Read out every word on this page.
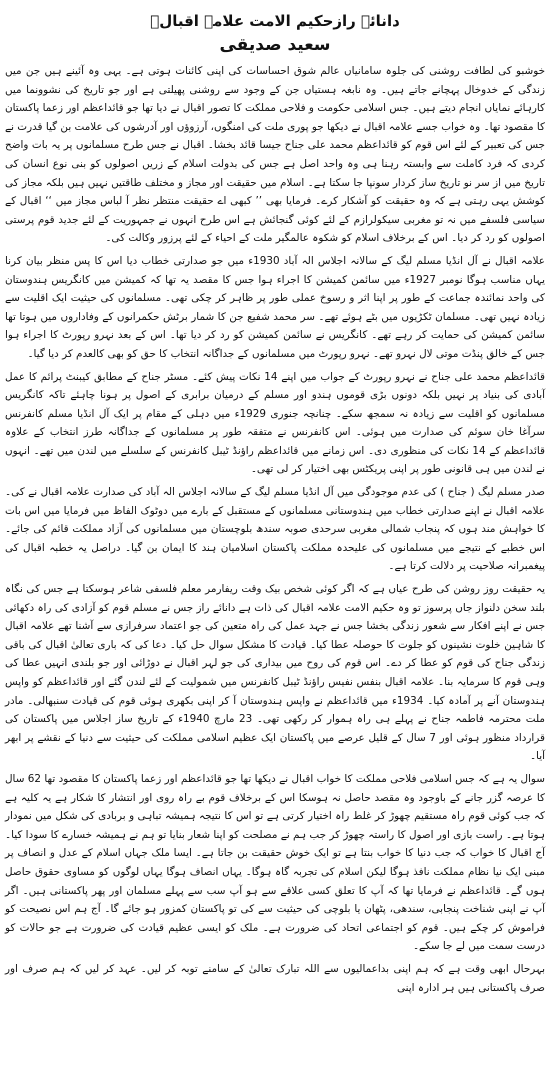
دانائے رازحکیم الامت علامہ اقبالؒ
سعید صدیقی

خوشبو کی لطافت روشنی کی جلوہ سامانیاں عالم شوق احساسات کی اپنی کائنات ہوتی ہے۔ یہی وہ آئینے ہیں جن میں زندگی کے خدوخال پہچانے جاتے ہیں۔ وہ نابغہ ہستیاں جن کے وجود سے روشنی پھیلتی ہے اور جو تاریخ کی نشوونما میں کارہائے نمایاں انجام دیتے ہیں۔ جس اسلامی حکومت و فلاحی مملکت کا تصور اقبال نے دیا تھا جو قائداعظم اور زعما پاکستان کا مقصود تھا۔ وہ خواب جسے علامہ اقبال نے دیکھا جو پوری ملت کی امنگوں، آرزوؤں اور آدرشوں کی علامت بن گیا قدرت نے جس کی تعبیر کے لئے اس قوم کو قائداعظم محمد علی جناح جیسا قائد بخشا۔ اقبال نے جس طرح مسلمانوں پر یہ بات واضح کردی کہ فرد کاملت سے وابستہ رہنا ہی وہ واحد اصل ہے جس کی بدولت اسلام کے زریں اصولوں کو بنی نوع انسان کی تاریخ میں از سر نو تاریخ ساز کردار سونپا جا سکتا ہے۔ اسلام میں حقیقت اور مجاز و مختلف طاقتیں نہیں ہیں بلکہ مجاز کی کوشش یہی رہتی ہے کہ وہ حقیقت کو آشکار کرے۔ فرمایا بھی ’’ کبھی اے حقیقت منتظر نظر آ لباس مجاز میں ‘‘ اقبال کے سیاسی فلسفے میں نہ تو مغربی سیکولرازم کے لئے کوئی گنجائش ہے اس طرح انہوں نے جمہوریت کے لئے جدید قوم پرستی اصولوں کو رد کر دیا۔ اس کے برخلاف اسلام کو شکوہ عالمگیر ملت کے احیاء کے لئے پرزور وکالت کی۔

علامہ اقبال نے آل انڈیا مسلم لیگ کے سالانہ اجلاس الہ آباد 1930ء میں جو صدارتی خطاب دیا اس کا پس منظر بیان کرنا یہاں مناسب ہوگا نومبر 1927ء میں سائمن کمیشن کا اجراء ہوا جس کا مقصد یہ تھا کہ کمیشن میں کانگریس ہندوستان کی واحد نمائندہ جماعت کے طور پر اپنا اثر و رسوخ عملی طور پر ظاہر کر چکی تھی۔ مسلمانوں کی حیثیت ایک اقلیت سے زیادہ نہیں تھی۔ مسلمان ٹکڑیوں میں بٹے ہوئے تھے۔ سر محمد شفیع جن کا شمار برٹش حکمرانوں کے وفاداروں میں ہوتا تھا سائمن کمیشن کی حمایت کر رہے تھے۔ کانگریس نے سائمن کمیشن کو رد کر دیا تھا۔ اس کے بعد نہرو رپورٹ کا اجراء ہوا جس کے خالق پنڈت موتی لال نہرو تھے۔ نہرو رپورٹ میں مسلمانوں کے جداگانہ انتخاب کا حق کو بھی کالعدم کر دیا گیا۔

قائداعظم محمد علی جناح نے نہرو رپورٹ کے جواب میں اپنے 14 نکات پیش کئے۔ مسٹر جناح کے مطابق کیبنٹ پرائم کا عمل آبادی کی بنیاد پر نہیں بلکہ دونوں بڑی قوموں ہندو اور مسلم کے درمیان برابری کے اصول پر ہونا چاہئے تاکہ کانگریس مسلمانوں کو اقلیت سے زیادہ نہ سمجھ سکے۔ چنانچہ جنوری 1929ء میں دہلی کے مقام پر ایک آل انڈیا مسلم کانفرنس سرآغا خان سوئم کی صدارت میں ہوئی۔ اس کانفرنس نے متفقہ طور پر مسلمانوں کے جداگانہ طرز انتخاب کے علاوہ قائداعظم کے 14 نکات کی منظوری دی۔ اس زمانے میں قائداعظم راؤنڈ ٹیبل کانفرنس کے سلسلے میں لندن میں تھے۔ انہوں نے لندن میں ہی قانونی طور پر اپنی پریکٹس بھی اختیار کر لی تھی۔

صدر مسلم لیگ ( جناح ) کی عدم موجودگی میں آل انڈیا مسلم لیگ کے سالانہ اجلاس الہ آباد کی صدارت علامہ اقبال نے کی۔ علامہ اقبال نے اپنے صدارتی خطاب میں ہندوستانی مسلمانوں کے مستقبل کے بارے میں دوٹوک الفاظ میں فرمایا میں اس بات کا خواہش مند ہوں کہ پنجاب شمالی مغربی سرحدی صوبہ سندھ بلوچستان میں مسلمانوں کی آزاد مملکت قائم کی جائے۔ اس خطبے کے نتیجے میں مسلمانوں کی علیحدہ مملکت پاکستان اسلامیان ہند کا ایمان بن گیا۔ دراصل یہ خطبہ اقبال کی پیغمبرانہ صلاحیت پر دلالت کرتا ہے۔

یہ حقیقت روز روشن کی طرح عیاں ہے کہ اگر کوئی شخص بیک وقت ریفارمر معلم فلسفی شاعر ہوسکتا ہے جس کی نگاہ بلند سخن دلنواز جاں پرسوز تو وہ حکیم الامت علامہ اقبال کی ذات ہے دانائے راز جس نے مسلم قوم کو آزادی کی راہ دکھائی جس نے اپنے افکار سے شعور زندگی بخشا جس نے جہد عمل کی راہ متعین کی جو اعتماد سرفرازی سے آشنا تھے علامہ اقبال کا شاہین خلوت نشینوں کو جلوت کا حوصلہ عطا کیا۔ قیادت کا مشکل سوال حل کیا۔ دعا کی کہ باری تعالیٰ اقبال کی باقی زندگی جناح کی قوم کو عطا کر دے۔ اس قوم کی روح میں بیداری کی جو لہر اقبال نے دوڑائی اور جو بلندی انہیں عطا کی وہی قوم کا سرمایہ بنا۔ علامہ اقبال بنفس نفیس راؤنڈ ٹیبل کانفرنس میں شمولیت کے لئے لندن گئے اور قائداعظم کو واپس ہندوستان آنے پر آمادہ کیا۔ 1934ء میں قائداعظم نے واپس ہندوستان آ کر اپنی بکھری ہوئی قوم کی قیادت سنبھالی۔ مادر ملت محترمہ فاطمہ جناح نے پہلے ہی راہ ہموار کر رکھی تھی۔ 23 مارچ 1940ء کے تاریخ ساز اجلاس میں پاکستان کی قرارداد منظور ہوئی اور 7 سال کے قلیل عرصے میں پاکستان ایک عظیم اسلامی مملکت کی حیثیت سے دنیا کے نقشے پر ابھر آیا۔

سوال یہ ہے کہ جس اسلامی فلاحی مملکت کا خواب اقبال نے دیکھا تھا جو قائداعظم اور زعما پاکستان کا مقصود تھا 62 سال کا عرصہ گزر جانے کے باوجود وہ مقصد حاصل نہ ہوسکا اس کے برخلاف قوم بے راہ روی اور انتشار کا شکار ہے یہ کلیہ ہے کہ جب کوئی قوم راہ مستقیم چھوڑ کر غلط راہ اختیار کرتی ہے تو اس کا نتیجہ ہمیشہ تباہی و بربادی کی شکل میں نمودار ہوتا ہے۔ راست بازی اور اصول کا راستہ چھوڑ کر جب ہم نے مصلحت کو اپنا شعار بنایا تو ہم نے ہمیشہ خسارے کا سودا کیا۔ آج اقبال کا خواب کہ جب دنیا کا خواب بنتا ہے تو ایک خوش حقیقت بن جاتا ہے۔ ایسا ملک جہاں اسلام کے عدل و انصاف پر مبنی ایک نیا نظام مملکت نافذ ہوگا لیکن اسلام کی تجربہ گاہ ہوگا۔ یہاں انصاف ہوگا یہاں لوگوں کو مساوی حقوق حاصل ہوں گے۔ قائداعظم نے فرمایا تھا کہ آپ کا تعلق کسی علاقے سے ہو آپ سب سے پہلے مسلمان اور پھر پاکستانی ہیں۔ اگر آپ نے اپنی شناخت پنجابی، سندھی، پٹھان یا بلوچی کی حیثیت سے کی تو پاکستان کمزور ہو جائے گا۔ آج ہم اس نصیحت کو فراموش کر چکے ہیں۔ قوم کو اجتماعی اتحاد کی ضرورت ہے۔ ملک کو ایسی عظیم قیادت کی ضرورت ہے جو حالات کو درست سمت میں لے جا سکے۔

بہرحال ابھی وقت ہے کہ ہم اپنی بداعمالیوں سے اللہ تبارک تعالیٰ کے سامنے توبہ کر لیں۔ عہد کر لیں کہ ہم صرف اور صرف پاکستانی ہیں ہر ادارہ اپنی
